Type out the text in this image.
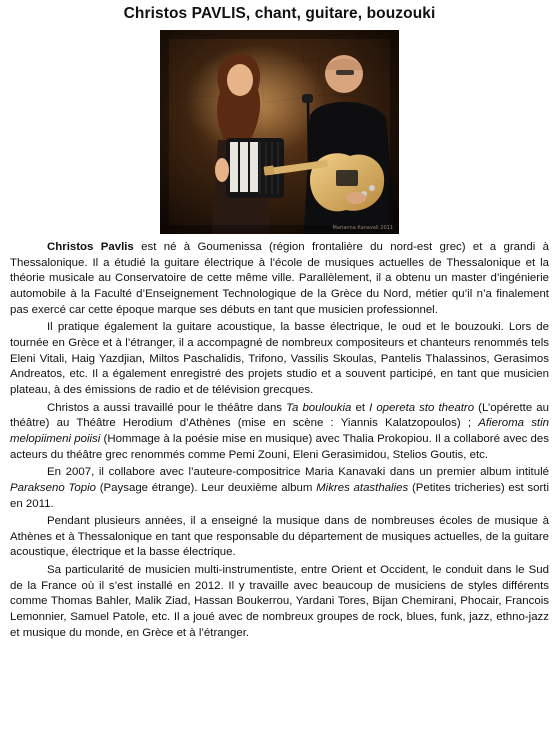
Christos PAVLIS, chant, guitare, bouzouki
Marianna Kanaveli 2011

Christos Pavlis est né à Goumenissa (région frontalière du nord-est grec) et a grandi à Thessalonique. Il a étudié la guitare électrique à l’école de musiques actuelles de Thessalonique et la théorie musicale au Conservatoire de cette même ville. Parallèlement, il a obtenu un master d’ingénierie automobile à la Faculté d’Enseignement Technologique de la Grèce du Nord, métier qu’il n’a finalement pas exercé car cette époque marque ses débuts en tant que musicien professionnel.

Il pratique également la guitare acoustique, la basse électrique, le oud et le bouzouki. Lors de tournée en Grèce et à l’étranger, il a accompagné de nombreux compositeurs et chanteurs renommés tels Eleni Vitali, Haig Yazdjian, Miltos Paschalidis, Trifono, Vassilis Skoulas, Pantelis Thalassinos, Gerasimos Andreatos, etc. Il a également enregistré des projets studio et a souvent participé, en tant que musicien plateau, à des émissions de radio et de télévision grecques.

Christos a aussi travaillé pour le théâtre dans Ta bouloukia et I opereta sto theatro (L’opérette au théâtre) au Théâtre Herodium d’Athènes (mise en scène : Yiannis Kalatzopoulos) ; Afieroma stin melopiimeni poiisi (Hommage à la poésie mise en musique) avec Thalia Prokopiou. Il a collaboré avec des acteurs du théâtre grec renommés comme Pemi Zouni, Eleni Gerasimidou, Stelios Goutis, etc.

En 2007, il collabore avec l’auteure-compositrice Maria Kanavaki dans un premier album intitulé Parakseno Topio (Paysage étrange). Leur deuxième album Mikres atasthalies (Petites tricheries) est sorti en 2011.

Pendant plusieurs années, il a enseigné la musique dans de nombreuses écoles de musique à Athènes et à Thessalonique en tant que responsable du département de musiques actuelles, de la guitare acoustique, électrique et la basse électrique.

Sa particularité de musicien multi-instrumentiste, entre Orient et Occident, le conduit dans le Sud de la France où il s’est installé en 2012. Il y travaille avec beaucoup de musiciens de styles différents comme Thomas Bahler, Malik Ziad, Hassan Boukerrou, Yardani Tores, Bijan Chemirani, Phocair, Francois Lemonnier, Samuel Patole, etc. Il a joué avec de nombreux groupes de rock, blues, funk, jazz, ethno-jazz et musique du monde, en Grèce et à l’étranger.
